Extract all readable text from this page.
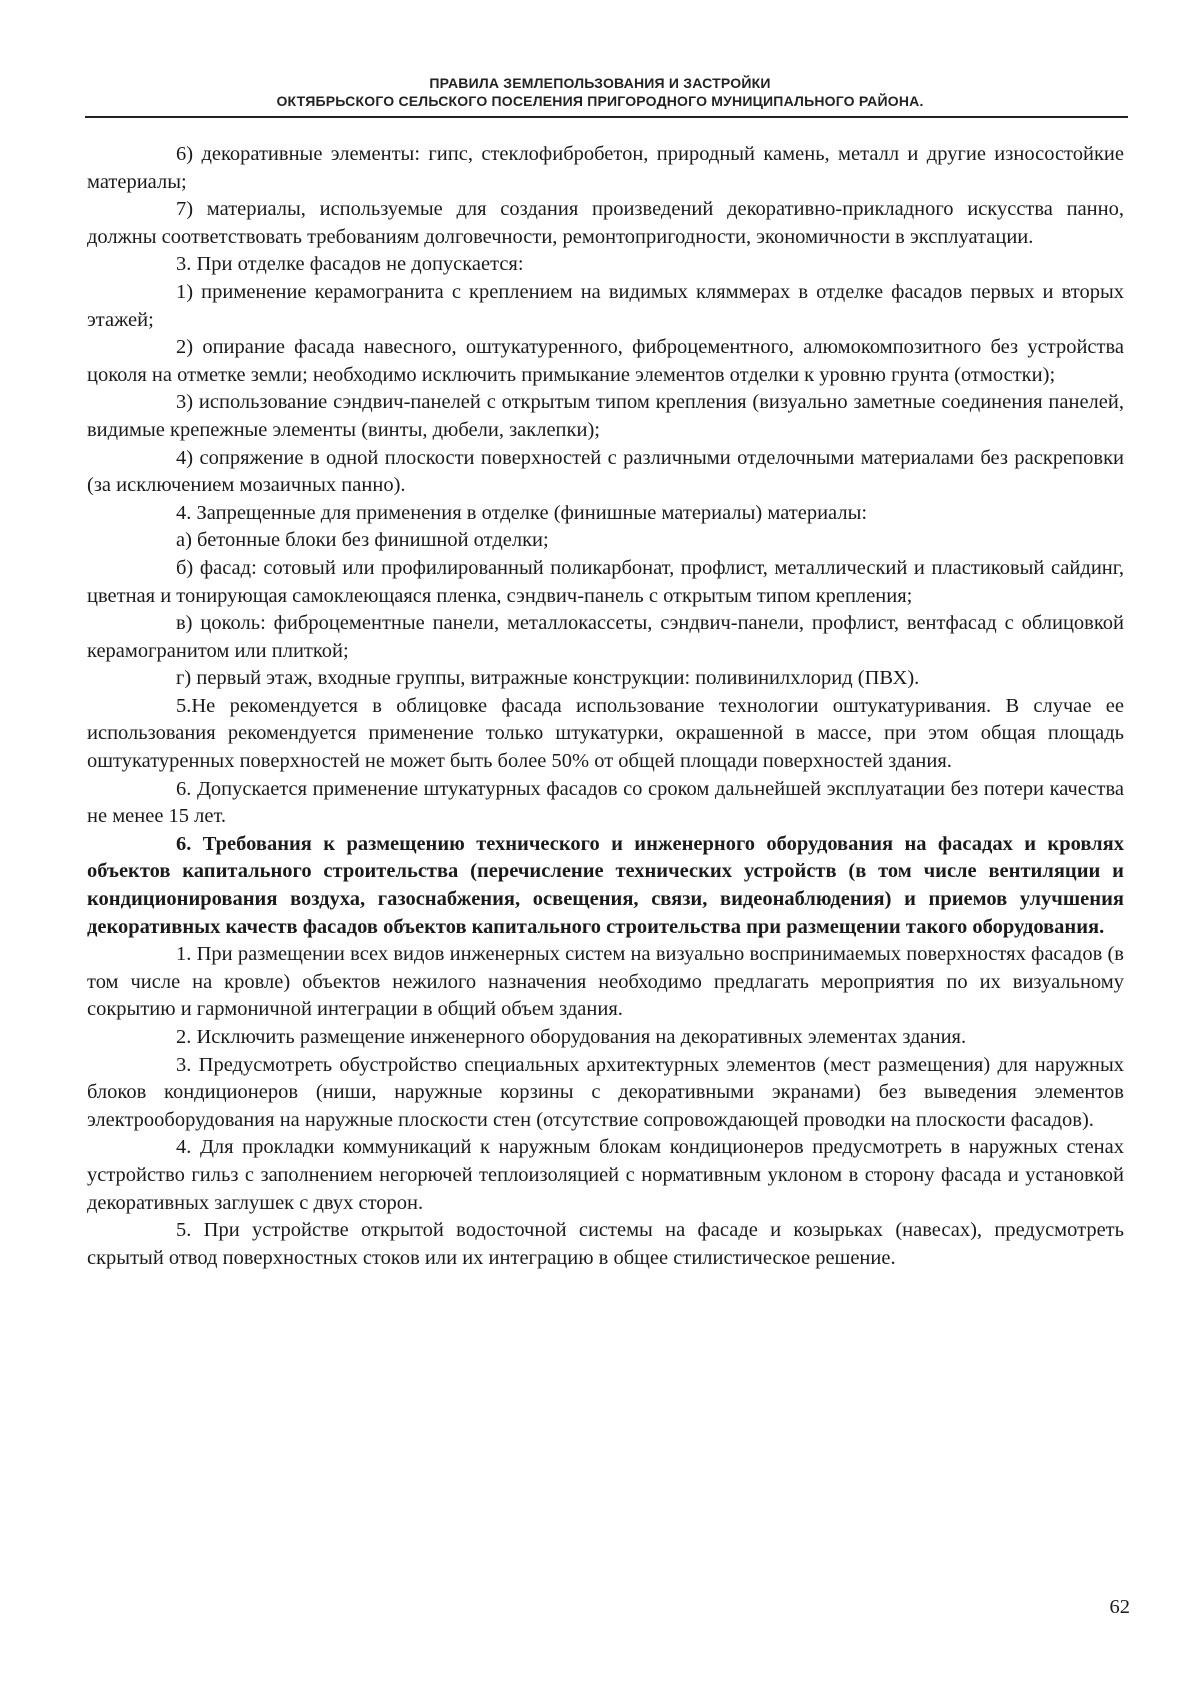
ПРАВИЛА ЗЕМЛЕПОЛЬЗОВАНИЯ И ЗАСТРОЙКИ
ОКТЯБРЬСКОГО СЕЛЬСКОГО ПОСЕЛЕНИЯ ПРИГОРОДНОГО МУНИЦИПАЛЬНОГО РАЙОНА.

6) декоративные элементы: гипс, стеклофибробетон, природный камень, металл и другие износостойкие материалы;

7) материалы, используемые для создания произведений декоративно-прикладного искусства панно, должны соответствовать требованиям долговечности, ремонтопригодности, экономичности в эксплуатации.

3. При отделке фасадов не допускается:

1) применение керамогранита с креплением на видимых кляммерах в отделке фасадов первых и вторых этажей;

2) опирание фасада навесного, оштукатуренного, фиброцементного, алюмокомпозитного без устройства цоколя на отметке земли; необходимо исключить примыкание элементов отделки к уровню грунта (отмостки);

3) использование сэндвич-панелей с открытым типом крепления (визуально заметные соединения панелей, видимые крепежные элементы (винты, дюбели, заклепки);

4) сопряжение в одной плоскости поверхностей с различными отделочными материалами без раскреповки (за исключением мозаичных панно).

4. Запрещенные для применения в отделке (финишные материалы) материалы:

а) бетонные блоки без финишной отделки;

б) фасад: сотовый или профилированный поликарбонат, профлист, металлический и пластиковый сайдинг, цветная и тонирующая самоклеющаяся пленка, сэндвич-панель с открытым типом крепления;

в) цоколь: фиброцементные панели, металлокассеты, сэндвич-панели, профлист, вентфасад с облицовкой керамогранитом или плиткой;

г) первый этаж, входные группы, витражные конструкции: поливинилхлорид (ПВХ).

5.Не рекомендуется в облицовке фасада использование технологии оштукатуривания. В случае ее использования рекомендуется применение только штукатурки, окрашенной в массе, при этом общая площадь оштукатуренных поверхностей не может быть более 50% от общей площади поверхностей здания.

6. Допускается применение штукатурных фасадов со сроком дальнейшей эксплуатации без потери качества не менее 15 лет.

6. Требования к размещению технического и инженерного оборудования на фасадах и кровлях объектов капитального строительства (перечисление технических устройств (в том числе вентиляции и кондиционирования воздуха, газоснабжения, освещения, связи, видеонаблюдения) и приемов улучшения декоративных качеств фасадов объектов капитального строительства при размещении такого оборудования.

1. При размещении всех видов инженерных систем на визуально воспринимаемых поверхностях фасадов (в том числе на кровле) объектов нежилого назначения необходимо предлагать мероприятия по их визуальному сокрытию и гармоничной интеграции в общий объем здания.

2. Исключить размещение инженерного оборудования на декоративных элементах здания.

3. Предусмотреть обустройство специальных архитектурных элементов (мест размещения) для наружных блоков кондиционеров (ниши, наружные корзины с декоративными экранами) без выведения элементов электрооборудования на наружные плоскости стен (отсутствие сопровождающей проводки на плоскости фасадов).

4. Для прокладки коммуникаций к наружным блокам кондиционеров предусмотреть в наружных стенах устройство гильз с заполнением негорючей теплоизоляцией с нормативным уклоном в сторону фасада и установкой декоративных заглушек с двух сторон.

5. При устройстве открытой водосточной системы на фасаде и козырьках (навесах), предусмотреть скрытый отвод поверхностных стоков или их интеграцию в общее стилистическое решение.

62
